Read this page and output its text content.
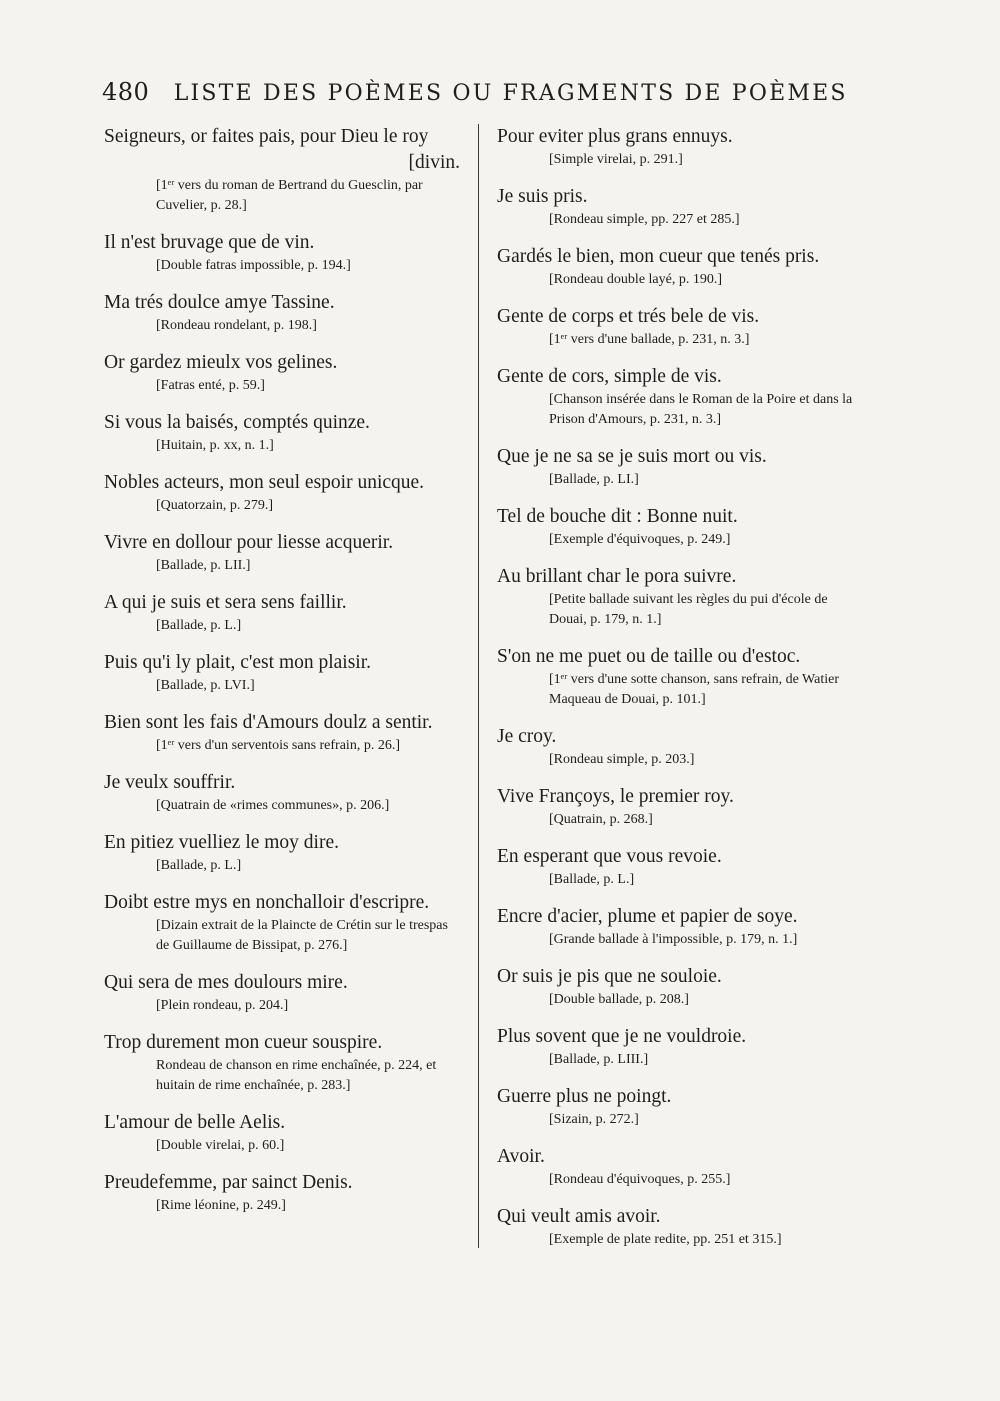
480	LISTE DES POÈMES OU FRAGMENTS DE POÈMES

Seigneurs, or faites pais, pour Dieu le roy

[divin.

[1ᵉʳ vers du roman de Bertrand du Guesclin, par Cuvelier, p. 28.]

Il n'est bruvage que de vin.

[Double fatras impossible, p. 194.]

Ma trés doulce amye Tassine.

[Rondeau rondelant, p. 198.]

Or gardez mieulx vos gelines.

[Fatras enté, p. 59.]

Si vous la baisés, comptés quinze.

[Huitain, p. xx, n. 1.]

Nobles acteurs, mon seul espoir unicque.

[Quatorzain, p. 279.]

Vivre en dollour pour liesse acquerir.

[Ballade, p. LII.]

A qui je suis et sera sens faillir.

[Ballade, p. L.]

Puis qu'i ly plait, c'est mon plaisir.

[Ballade, p. LVI.]

Bien sont les fais d'Amours doulz a sentir.

[1ᵉʳ vers d'un serventois sans refrain, p. 26.]

Je veulx souffrir.

[Quatrain de «rimes communes», p. 206.]

En pitiez vuelliez le moy dire.

[Ballade, p. L.]

Doibt estre mys en nonchalloir d'escripre.

[Dizain extrait de la Plaincte de Crétin sur le trespas de Guillaume de Bissipat, p. 276.]

Qui sera de mes doulours mire.

[Plein rondeau, p. 204.]

Trop durement mon cueur souspire.

Rondeau de chanson en rime enchaînée, p. 224, et huitain de rime enchaînée, p. 283.]

L'amour de belle Aelis.

[Double virelai, p. 60.]

Preudefemme, par sainct Denis.

[Rime léonine, p. 249.]

Pour eviter plus grans ennuys.

[Simple virelai, p. 291.]

Je suis pris.

[Rondeau simple, pp. 227 et 285.]

Gardés le bien, mon cueur que tenés pris.

[Rondeau double layé, p. 190.]

Gente de corps et trés bele de vis.

[1ᵉʳ vers d'une ballade, p. 231, n. 3.]

Gente de cors, simple de vis.

[Chanson insérée dans le Roman de la Poire et dans la Prison d'Amours, p. 231, n. 3.]

Que je ne sa se je suis mort ou vis.

[Ballade, p. LI.]

Tel de bouche dit : Bonne nuit.

[Exemple d'équivoques, p. 249.]

Au brillant char le pora suivre.

[Petite ballade suivant les règles du pui d'école de Douai, p. 179, n. 1.]

S'on ne me puet ou de taille ou d'estoc.

[1ᵉʳ vers d'une sotte chanson, sans refrain, de Watier Maqueau de Douai, p. 101.]

Je croy.

[Rondeau simple, p. 203.]

Vive Françoys, le premier roy.

[Quatrain, p. 268.]

En esperant que vous revoie.

[Ballade, p. L.]

Encre d'acier, plume et papier de soye.

[Grande ballade à l'impossible, p. 179, n. 1.]

Or suis je pis que ne souloie.

[Double ballade, p. 208.]

Plus sovent que je ne vouldroie.

[Ballade, p. LIII.]

Guerre plus ne poingt.

[Sizain, p. 272.]

Avoir.

[Rondeau d'équivoques, p. 255.]

Qui veult amis avoir.

[Exemple de plate redite, pp. 251 et 315.]
